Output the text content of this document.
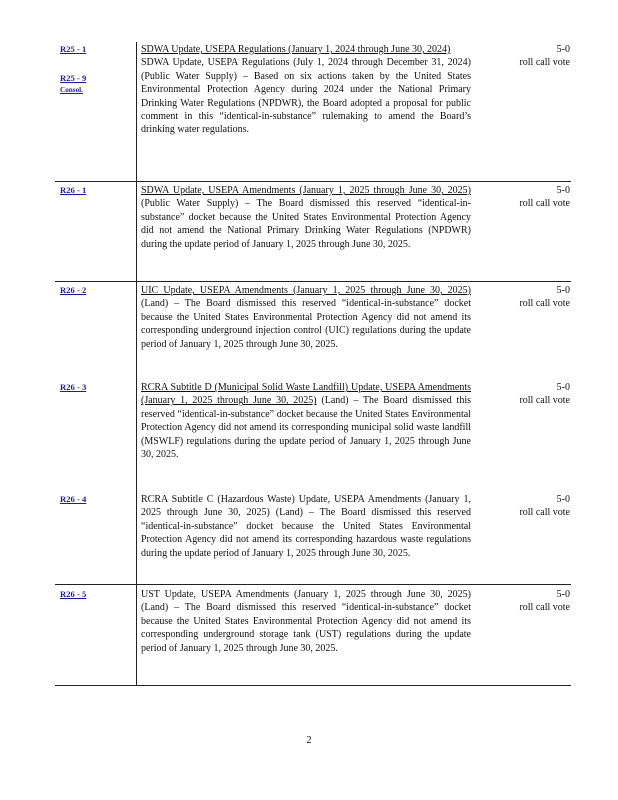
R25 - 1
R25 - 9
Consol.
SDWA Update, USEPA Regulations (January 1, 2024 through June 30, 2024)
SDWA Update, USEPA Regulations (July 1, 2024 through December 31, 2024) (Public Water Supply) – Based on six actions taken by the United States Environmental Protection Agency during 2024 under the National Primary Drinking Water Regulations (NPDWR), the Board adopted a proposal for public comment in this “identical-in-substance” rulemaking to amend the Board’s drinking water regulations.
5-0
roll call vote
R26 - 1	SDWA Update, USEPA Amendments (January 1, 2025 through June 30, 2025) (Public Water Supply) – The Board dismissed this reserved “identical-in-substance” docket because the United States Environmental Protection Agency did not amend the National Primary Drinking Water Regulations (NPDWR) during the update period of January 1, 2025 through June 30, 2025.
5-0
roll call vote
R26 - 2	UIC Update, USEPA Amendments (January 1, 2025 through June 30, 2025) (Land) – The Board dismissed this reserved “identical-in-substance” docket because the United States Environmental Protection Agency did not amend its corresponding underground injection control (UIC) regulations during the update period of January 1, 2025 through June 30, 2025.
5-0
roll call vote
R26 - 3	RCRA Subtitle D (Municipal Solid Waste Landfill) Update, USEPA Amendments (January 1, 2025 through June 30, 2025) (Land) – The Board dismissed this reserved “identical-in-substance” docket because the United States Environmental Protection Agency did not amend its corresponding municipal solid waste landfill (MSWLF) regulations during the update period of January 1, 2025 through June 30, 2025.
5-0
roll call vote
R26 - 4	RCRA Subtitle C (Hazardous Waste) Update, USEPA Amendments (January 1, 2025 through June 30, 2025) (Land) – The Board dismissed this reserved “identical-in-substance” docket because the United States Environmental Protection Agency did not amend its corresponding hazardous waste regulations during the update period of January 1, 2025 through June 30, 2025.
5-0
roll call vote
R26 - 5	UST Update, USEPA Amendments (January 1, 2025 through June 30, 2025) (Land) – The Board dismissed this reserved “identical-in-substance” docket because the United States Environmental Protection Agency did not amend its corresponding underground storage tank (UST) regulations during the update period of January 1, 2025 through June 30, 2025.
5-0
roll call vote
2
